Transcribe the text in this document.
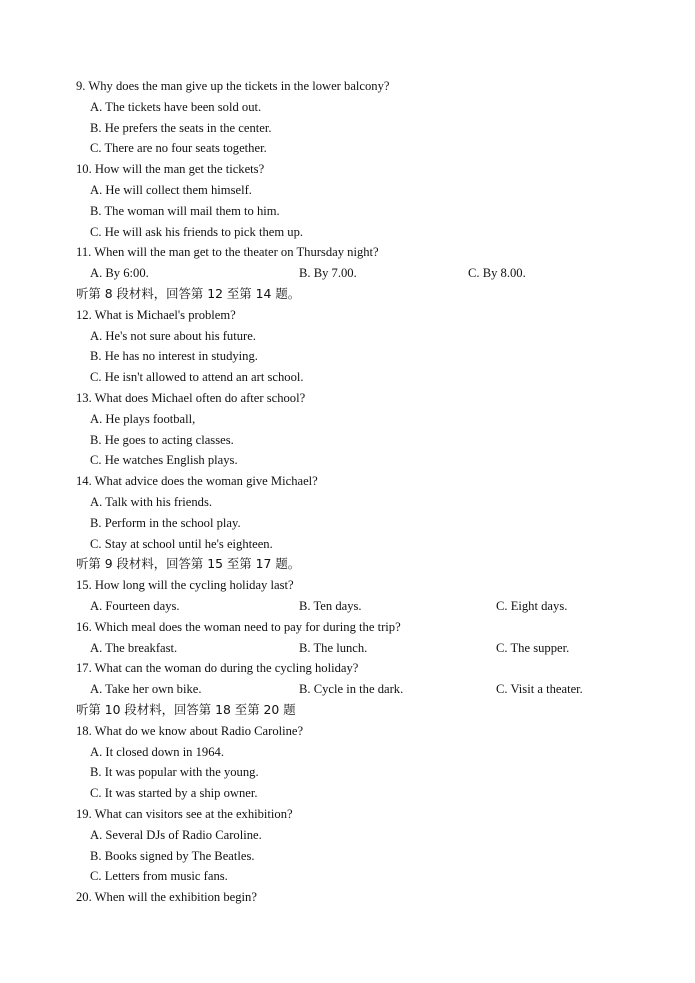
9. Why does the man give up the tickets in the lower balcony?
A. The tickets have been sold out.
B. He prefers the seats in the center.
C. There are no four seats together.
10. How will the man get the tickets?
A. He will collect them himself.
B. The woman will mail them to him.
C. He will ask his friends to pick them up.
11. When will the man get to the theater on Thursday night?
A. By 6:00.	B. By 7.00.	C. By 8.00.
听第 8 段材料，回答第 12 至第 14 题。
12. What is Michael's problem?
A. He's not sure about his future.
B. He has no interest in studying.
C. He isn't allowed to attend an art school.
13. What does Michael often do after school?
A. He plays football,
B. He goes to acting classes.
C. He watches English plays.
14. What advice does the woman give Michael?
A. Talk with his friends.
B. Perform in the school play.
C. Stay at school until he's eighteen.
听第 9 段材料，回答第 15 至第 17 题。
15. How long will the cycling holiday last?
A. Fourteen days.	B. Ten days.	C. Eight days.
16. Which meal does the woman need to pay for during the trip?
A. The breakfast.	B. The lunch.	C. The supper.
17. What can the woman do during the cycling holiday?
A. Take her own bike.	B. Cycle in the dark.	C. Visit a theater.
听第 10 段材料，回答第 18 至第 20 题
18. What do we know about Radio Caroline?
A. It closed down in 1964.
B. It was popular with the young.
C. It was started by a ship owner.
19. What can visitors see at the exhibition?
A. Several DJs of Radio Caroline.
B. Books signed by The Beatles.
C. Letters from music fans.
20. When will the exhibition begin?
